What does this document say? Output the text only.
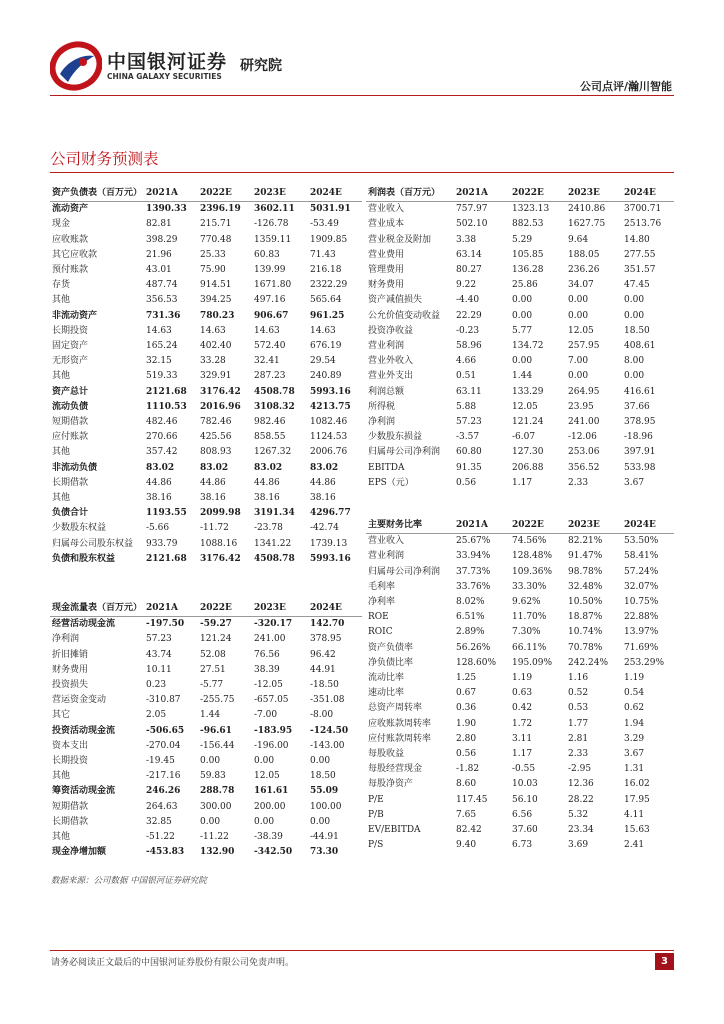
中国银河证券
CHINA GALAXY SECURITIES
研究院
公司点评/瀚川智能
公司财务预测表
资产负债表（百万元）	2021A	2022E	2023E	2024E
流动资产	1390.33	2396.19	3602.11	5031.91
现金	82.81	215.71	-126.78	-53.49
应收账款	398.29	770.48	1359.11	1909.85
其它应收款	21.96	25.33	60.83	71.43
预付账款	43.01	75.90	139.99	216.18
存货	487.74	914.51	1671.80	2322.29
其他	356.53	394.25	497.16	565.64
非流动资产	731.36	780.23	906.67	961.25
长期投资	14.63	14.63	14.63	14.63
固定资产	165.24	402.40	572.40	676.19
无形资产	32.15	33.28	32.41	29.54
其他	519.33	329.91	287.23	240.89
资产总计	2121.68	3176.42	4508.78	5993.16
流动负债	1110.53	2016.96	3108.32	4213.75
短期借款	482.46	782.46	982.46	1082.46
应付账款	270.66	425.56	858.55	1124.53
其他	357.42	808.93	1267.32	2006.76
非流动负债	83.02	83.02	83.02	83.02
长期借款	44.86	44.86	44.86	44.86
其他	38.16	38.16	38.16	38.16
负债合计	1193.55	2099.98	3191.34	4296.77
少数股东权益	-5.66	-11.72	-23.78	-42.74
归属母公司股东权益	933.79	1088.16	1341.22	1739.13
负债和股东权益	2121.68	3176.42	4508.78	5993.16
利润表（百万元）	2021A	2022E	2023E	2024E
营业收入	757.97	1323.13	2410.86	3700.71
营业成本	502.10	882.53	1627.75	2513.76
营业税金及附加	3.38	5.29	9.64	14.80
营业费用	63.14	105.85	188.05	277.55
管理费用	80.27	136.28	236.26	351.57
财务费用	9.22	25.86	34.07	47.45
资产减值损失	-4.40	0.00	0.00	0.00
公允价值变动收益	22.29	0.00	0.00	0.00
投资净收益	-0.23	5.77	12.05	18.50
营业利润	58.96	134.72	257.95	408.61
营业外收入	4.66	0.00	7.00	8.00
营业外支出	0.51	1.44	0.00	0.00
利润总额	63.11	133.29	264.95	416.61
所得税	5.88	12.05	23.95	37.66
净利润	57.23	121.24	241.00	378.95
少数股东损益	-3.57	-6.07	-12.06	-18.96
归属母公司净利润	60.80	127.30	253.06	397.91
EBITDA	91.35	206.88	356.52	533.98
EPS（元）	0.56	1.17	2.33	3.67
现金流量表（百万元）	2021A	2022E	2023E	2024E
经营活动现金流	-197.50	-59.27	-320.17	142.70
净利润	57.23	121.24	241.00	378.95
折旧摊销	43.74	52.08	76.56	96.42
财务费用	10.11	27.51	38.39	44.91
投资损失	0.23	-5.77	-12.05	-18.50
营运资金变动	-310.87	-255.75	-657.05	-351.08
其它	2.05	1.44	-7.00	-8.00
投资活动现金流	-506.65	-96.61	-183.95	-124.50
资本支出	-270.04	-156.44	-196.00	-143.00
长期投资	-19.45	0.00	0.00	0.00
其他	-217.16	59.83	12.05	18.50
筹资活动现金流	246.26	288.78	161.61	55.09
短期借款	264.63	300.00	200.00	100.00
长期借款	32.85	0.00	0.00	0.00
其他	-51.22	-11.22	-38.39	-44.91
现金净增加额	-453.83	132.90	-342.50	73.30
主要财务比率	2021A	2022E	2023E	2024E
营业收入	25.67%	74.56%	82.21%	53.50%
营业利润	33.94%	128.48%	91.47%	58.41%
归属母公司净利润	37.73%	109.36%	98.78%	57.24%
毛利率	33.76%	33.30%	32.48%	32.07%
净利率	8.02%	9.62%	10.50%	10.75%
ROE	6.51%	11.70%	18.87%	22.88%
ROIC	2.89%	7.30%	10.74%	13.97%
资产负债率	56.26%	66.11%	70.78%	71.69%
净负债比率	128.60%	195.09%	242.24%	253.29%
流动比率	1.25	1.19	1.16	1.19
速动比率	0.67	0.63	0.52	0.54
总资产周转率	0.36	0.42	0.53	0.62
应收账款周转率	1.90	1.72	1.77	1.94
应付账款周转率	2.80	3.11	2.81	3.29
每股收益	0.56	1.17	2.33	3.67
每股经营现金	-1.82	-0.55	-2.95	1.31
每股净资产	8.60	10.03	12.36	16.02
P/E	117.45	56.10	28.22	17.95
P/B	7.65	6.56	5.32	4.11
EV/EBITDA	82.42	37.60	23.34	15.63
P/S	9.40	6.73	3.69	2.41
数据来源：公司数据 中国银河证券研究院
请务必阅读正文最后的中国银河证券股份有限公司免责声明。	3
